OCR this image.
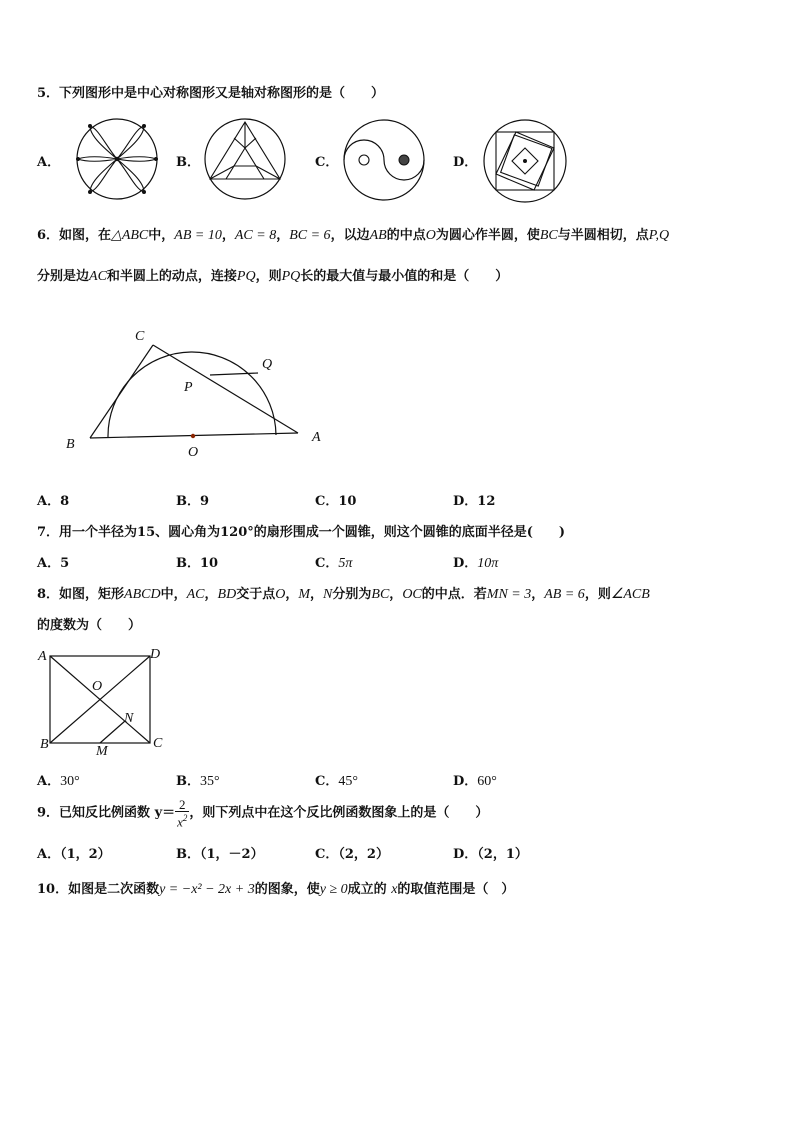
5．下列图形中是中心对称图形又是轴对称图形的是（　　）
A．	B．	C．	D．
6．如图，在△ABC中，AB = 10，AC = 8，BC = 6，以边AB的中点O为圆心作半圆，使BC与半圆相切，点P,Q
分别是边AC和半圆上的动点，连接PQ，则PQ长的最大值与最小值的和是（　　）
C
Q
P
B	A
O
A．8	B．9	C．10	D．12
7．用一个半径为15、圆心角为120°的扇形围成一个圆锥，则这个圆锥的底面半径是(　　)
A．5	B．10	C．5π	D．10π
8．如图，矩形ABCD中，AC，BD交于点O，M，N分别为BC，OC的中点．若MN = 3，AB = 6，则∠ACB
的度数为（　　）
A	D
O
N
B	M
C
A．30°	B．35°	C．45°	D．60°
9．已知反比例函数 $y= \frac{2}{x^2}$ ，则下列点中在这个反比例函数图象上的是（　　）
A．（1，2）	B．（1，－2）	C．（2，2）	D．（2，1）
10．如图是二次函数y = −x² − 2x + 3的图象，使y ≥ 0成立的 x的取值范围是（　）
